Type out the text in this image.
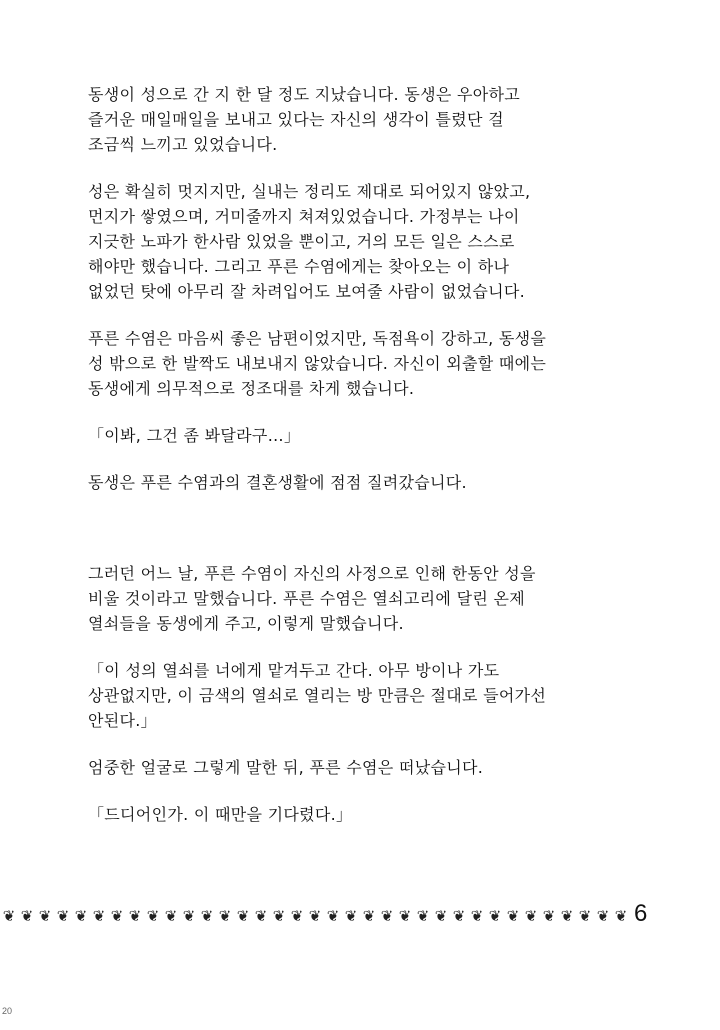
동생이 성으로 간 지 한 달 정도 지났습니다. 동생은 우아하고
즐거운 매일매일을 보내고 있다는 자신의 생각이 틀렸단 걸
조금씩 느끼고 있었습니다.

성은 확실히 멋지지만, 실내는 정리도 제대로 되어있지 않았고,
먼지가 쌓였으며, 거미줄까지 쳐져있었습니다. 가정부는 나이
지긋한 노파가 한사람 있었을 뿐이고, 거의 모든 일은 스스로
해야만 했습니다. 그리고 푸른 수염에게는 찾아오는 이 하나
없었던 탓에 아무리 잘 차려입어도 보여줄 사람이 없었습니다.

푸른 수염은 마음씨 좋은 남편이었지만, 독점욕이 강하고, 동생을
성 밖으로 한 발짝도 내보내지 않았습니다. 자신이 외출할 때에는
동생에게 의무적으로 정조대를 차게 했습니다.

「이봐, 그건 좀 봐달라구…」

동생은 푸른 수염과의 결혼생활에 점점 질려갔습니다.

그러던 어느 날, 푸른 수염이 자신의 사정으로 인해 한동안 성을
비울 것이라고 말했습니다. 푸른 수염은 열쇠고리에 달린 온제
열쇠들을 동생에게 주고, 이렇게 말했습니다.

「이 성의 열쇠를 너에게 맡겨두고 간다. 아무 방이나 가도
상관없지만, 이 금색의 열쇠로 열리는 방 만큼은 절대로 들어가선
안된다.」

엄중한 얼굴로 그렇게 말한 뒤, 푸른 수염은 떠났습니다.

「드디어인가. 이 때만을 기다렸다.」

❦ ❦ ❦ ❦ ❦ ❦ ❦ ❦ ❦ ❦ ❦ ❦ ❦ ❦ ❦ ❦ ❦ ❦ ❦ ❦ ❦ ❦ ❦ ❦ ❦ ❦ ❦ ❦ ❦ ❦ ❦ ❦ ❦ ❦ ❦ 6
20
